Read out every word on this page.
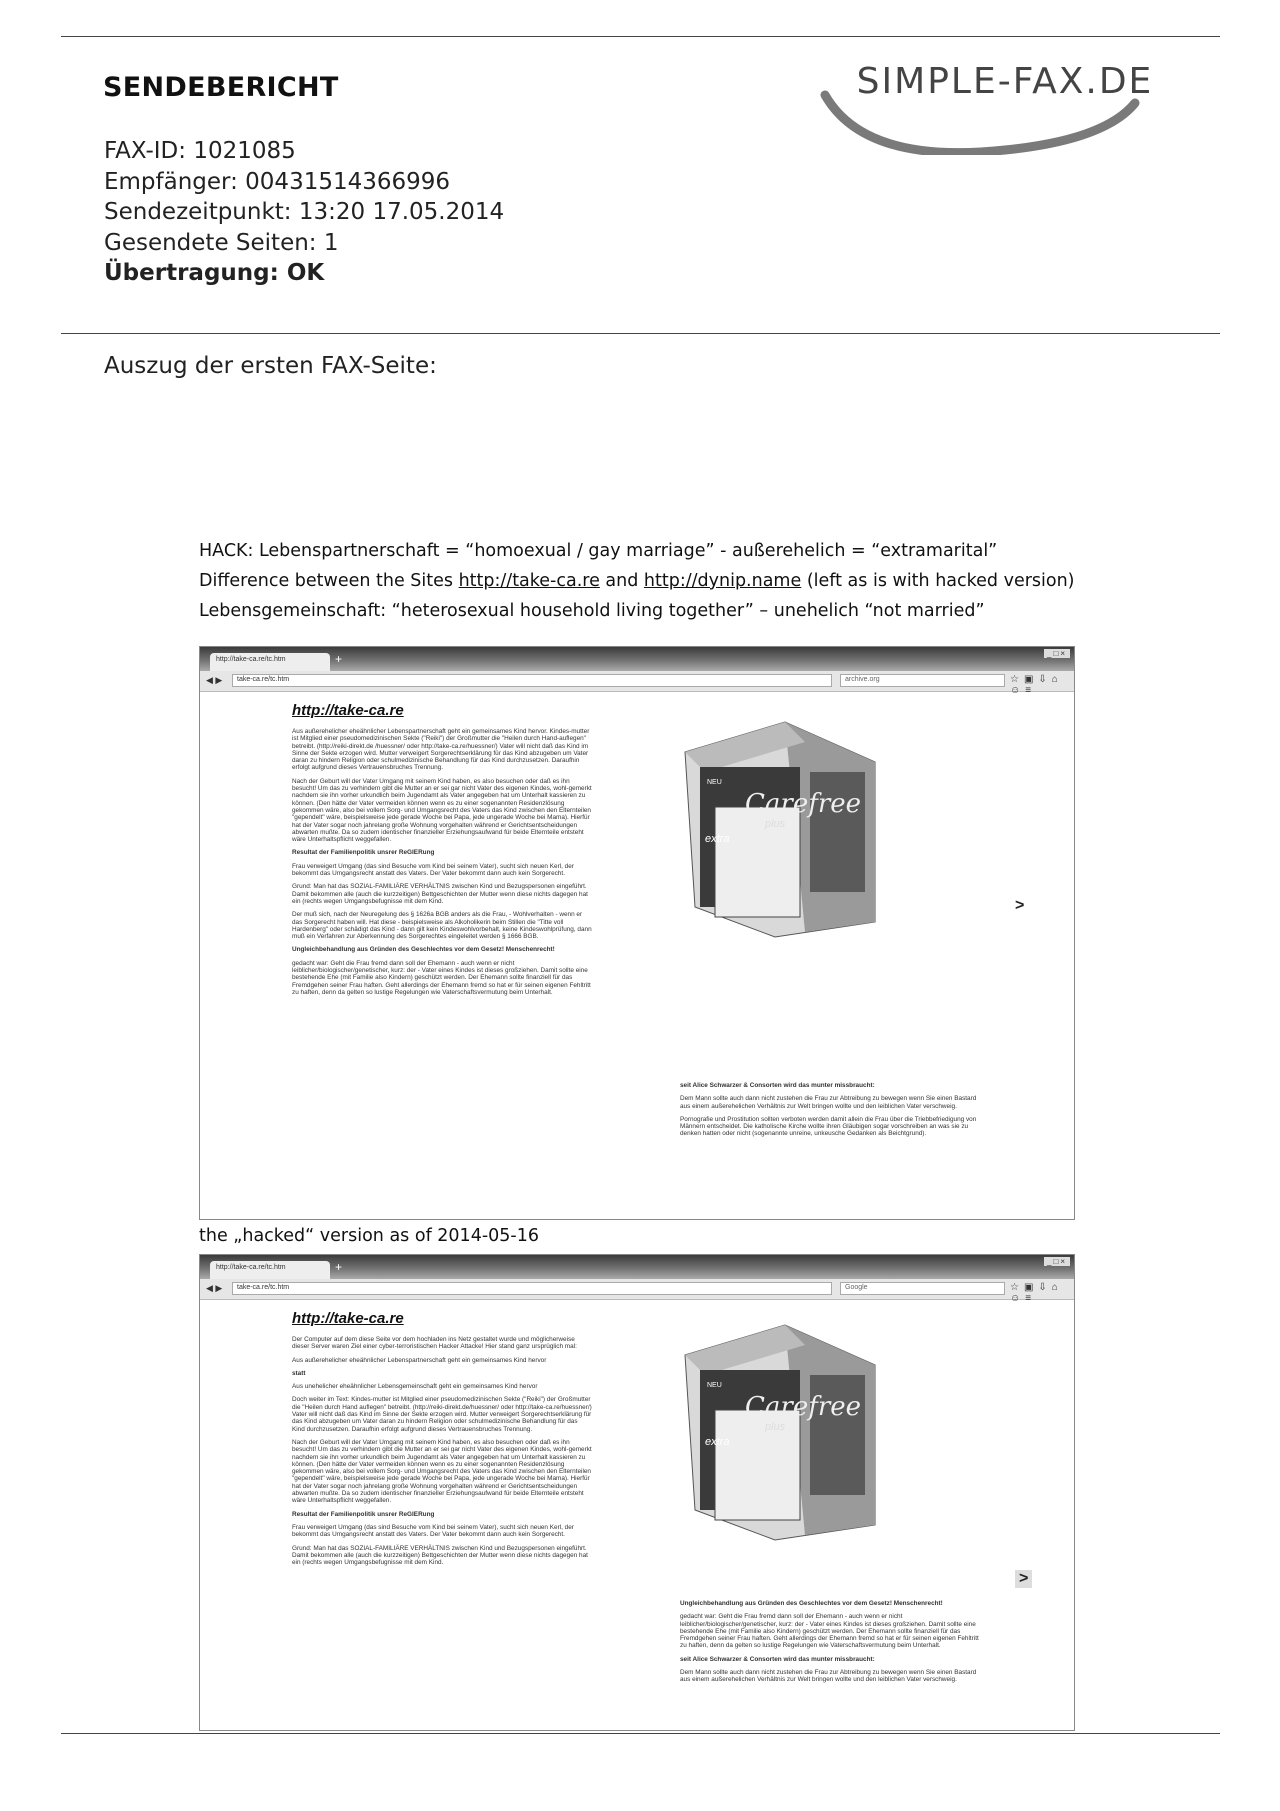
SENDEBERICHT	SIMPLE-FAX.DE
FAX-ID: 1021085
Empfänger: 00431514366996
Sendezeitpunkt: 13:20 17.05.2014
Gesendete Seiten: 1
Übertragung: OK
Auszug der ersten FAX-Seite:
HACK: Lebenspartnerschaft = “homoexual / gay marriage” - außerehelich = “extramarital”
Difference between the Sites http://take-ca.re and http://dynip.name (left as is with hacked version)
Lebensgemeinschaft: “heterosexual household living together” – unehelich “not married”
http://take-ca.re/tc.htm	+	_□×
◀ ▶	take-ca.re/tc.htm	archive.org	☆▣⇩⌂☺≡
http://take-ca.re

Aus außerehelicher eheähnlicher Lebenspartnerschaft geht ein gemeinsames Kind hervor. Kindes-mutter ist Mitglied einer pseudomedizinischen Sekte ("Reiki") der Großmutter die "Heilen durch Hand-auflegen" betreibt. (http://reiki-direkt.de /huessner/ oder http://take-ca.re/huessner/) Vater will nicht daß das Kind im Sinne der Sekte erzogen wird. Mutter verweigert Sorgerechtserklärung für das Kind abzugeben um Vater daran zu hindern Religion oder schulmedizinische Behandlung für das Kind durchzusetzen. Daraufhin erfolgt aufgrund dieses Vertrauensbruches Trennung.

Nach der Geburt will der Vater Umgang mit seinem Kind haben, es also besuchen oder daß es ihn besucht! Um das zu verhindern gibt die Mutter an er sei gar nicht Vater des eigenen Kindes, wohl-gemerkt nachdem sie ihn vorher urkundlich beim Jugendamt als Vater angegeben hat um Unterhalt kassieren zu können. (Den hätte der Vater vermeiden können wenn es zu einer sogenannten Residenzlösung gekommen wäre, also bei vollem Sorg- und Umgangsrecht des Vaters das Kind zwischen den Elternteilen "gependelt" wäre, beispielsweise jede gerade Woche bei Papa, jede ungerade Woche bei Mama). Hierfür hat der Vater sogar noch jahrelang große Wohnung vorgehalten während er Gerichtsentscheidungen abwarten mußte. Da so zudem identischer finanzieller Erziehungsaufwand für beide Elternteile entsteht wäre Unterhaltspflicht weggefallen.

Resultat der Familienpolitik unsrer ReGIERung

Frau verweigert Umgang (das sind Besuche vom Kind bei seinem Vater), sucht sich neuen Kerl, der bekommt das Umgangsrecht anstatt des Vaters. Der Vater bekommt dann auch kein Sorgerecht.

Grund: Man hat das SOZIAL-FAMILIÄRE VERHÄLTNIS zwischen Kind und Bezugspersonen eingeführt. Damit bekommen alle (auch die kurzzeitigen) Bettgeschichten der Mutter wenn diese nichts dagegen hat ein (rechts wegen Umgangsbefugnisse mit dem Kind.

Der muß sich, nach der Neuregelung des § 1626a BGB anders als die Frau, - Wohlverhalten - wenn er das Sorgerecht haben will. Hat diese - beispielsweise als Alkoholikerin beim Stillen die "Titte voll Hardenberg" oder schädigt das Kind - dann gilt kein Kindeswohlvorbehalt, keine Kindeswohlprüfung, dann muß ein Verfahren zur Aberkennung des Sorgerechtes eingeleitet werden § 1666 BGB.

Ungleichbehandlung aus Gründen des Geschlechtes vor dem Gesetz! Menschenrecht!

gedacht war: Geht die Frau fremd dann soll der Ehemann - auch wenn er nicht leiblicher/biologischer/genetischer, kurz: der - Vater eines Kindes ist dieses großziehen. Damit sollte eine bestehende Ehe (mit Familie also Kindern) geschützt werden. Der Ehemann sollte finanziell für das Fremdgehen seiner Frau haften. Geht allerdings der Ehemann fremd so hat er für seinen eigenen Fehltritt zu haften, denn da gelten so lustige Regelungen wie Vaterschaftsvermutung beim Unterhalt.

seit Alice Schwarzer & Consorten wird das munter missbraucht:

Dem Mann sollte auch dann nicht zustehen die Frau zur Abtreibung zu bewegen wenn Sie einen Bastard aus einem außerehelichen Verhältnis zur Welt bringen wollte und den leiblichen Vater verschweig.

Pornografie und Prostitution sollten verboten werden damit allein die Frau über die Triebbefriedigung von Männern entscheidet. Die katholische Kirche wollte ihren Gläubigen sogar vorschreiben an was sie zu denken hatten oder nicht (sogenannte unreine, unkeusche Gedanken als Beichtgrund).

NEU
Carefree
plus
extra
>
the „hacked“ version as of 2014-05-16
http://take-ca.re/tc.htm	+	_□×
◀ ▶	take-ca.re/tc.htm	Google	☆▣⇩⌂☺≡
http://take-ca.re

Der Computer auf dem diese Seite vor dem hochladen ins Netz gestaltet wurde und möglicherweise dieser Server waren Ziel einer cyber-terroristischen Hacker Attacke! Hier stand ganz ursprüglich mal:

Aus außerehelicher eheähnlicher Lebenspartnerschaft geht ein gemeinsames Kind hervor

statt

Aus unehelicher eheähnlicher Lebensgemeinschaft geht ein gemeinsames Kind hervor

Doch weiter im Text: Kindes-mutter ist Mitglied einer pseudomedizinischen Sekte ("Reiki") der Großmutter die "Heilen durch Hand auflegen" betreibt. (http://reiki-direkt.de/huessner/ oder http://take-ca.re/huessner/) Vater will nicht daß das Kind im Sinne der Sekte erzogen wird. Mutter verweigert Sorgerechtserklärung für das Kind abzugeben um Vater daran zu hindern Religion oder schulmedizinische Behandlung für das Kind durchzusetzen. Daraufhin erfolgt aufgrund dieses Vertrauensbruches Trennung.

Nach der Geburt will der Vater Umgang mit seinem Kind haben, es also besuchen oder daß es ihn besucht! Um das zu verhindern gibt die Mutter an er sei gar nicht Vater des eigenen Kindes, wohl-gemerkt nachdem sie ihn vorher urkundlich beim Jugendamt als Vater angegeben hat um Unterhalt kassieren zu können. (Den hätte der Vater vermeiden können wenn es zu einer sogenannten Residenzlösung gekommen wäre, also bei vollem Sorg- und Umgangsrecht des Vaters das Kind zwischen den Elternteilen "gependelt" wäre, beispielsweise jede gerade Woche bei Papa, jede ungerade Woche bei Mama). Hierfür hat der Vater sogar noch jahrelang große Wohnung vorgehalten während er Gerichtsentscheidungen abwarten mußte. Da so zudem identischer finanzieller Erziehungsaufwand für beide Elternteile entsteht wäre Unterhaltspflicht weggefallen.

Resultat der Familienpolitik unsrer ReGIERung

Frau verweigert Umgang (das sind Besuche vom Kind bei seinem Vater), sucht sich neuen Kerl, der bekommt das Umgangsrecht anstatt des Vaters. Der Vater bekommt dann auch kein Sorgerecht.

Grund: Man hat das SOZIAL-FAMILIÄRE VERHÄLTNIS zwischen Kind und Bezugspersonen eingeführt. Damit bekommen alle (auch die kurzzeitigen) Bettgeschichten der Mutter wenn diese nichts dagegen hat ein (rechts wegen Umgangsbefugnisse mit dem Kind.

Ungleichbehandlung aus Gründen des Geschlechtes vor dem Gesetz! Menschenrecht!

gedacht war: Geht die Frau fremd dann soll der Ehemann - auch wenn er nicht leiblicher/biologischer/genetischer, kurz: der - Vater eines Kindes ist dieses großziehen. Damit sollte eine bestehende Ehe (mit Familie also Kindern) geschützt werden. Der Ehemann sollte finanziell für das Fremdgehen seiner Frau haften. Geht allerdings der Ehemann fremd so hat er für seinen eigenen Fehltritt zu haften, denn da gelten so lustige Regelungen wie Vaterschaftsvermutung beim Unterhalt.

seit Alice Schwarzer & Consorten wird das munter missbraucht:

Dem Mann sollte auch dann nicht zustehen die Frau zur Abtreibung zu bewegen wenn Sie einen Bastard aus einem außerehelichen Verhältnis zur Welt bringen wollte und den leiblichen Vater verschweig.

NEU
Carefree
plus
extra
>
